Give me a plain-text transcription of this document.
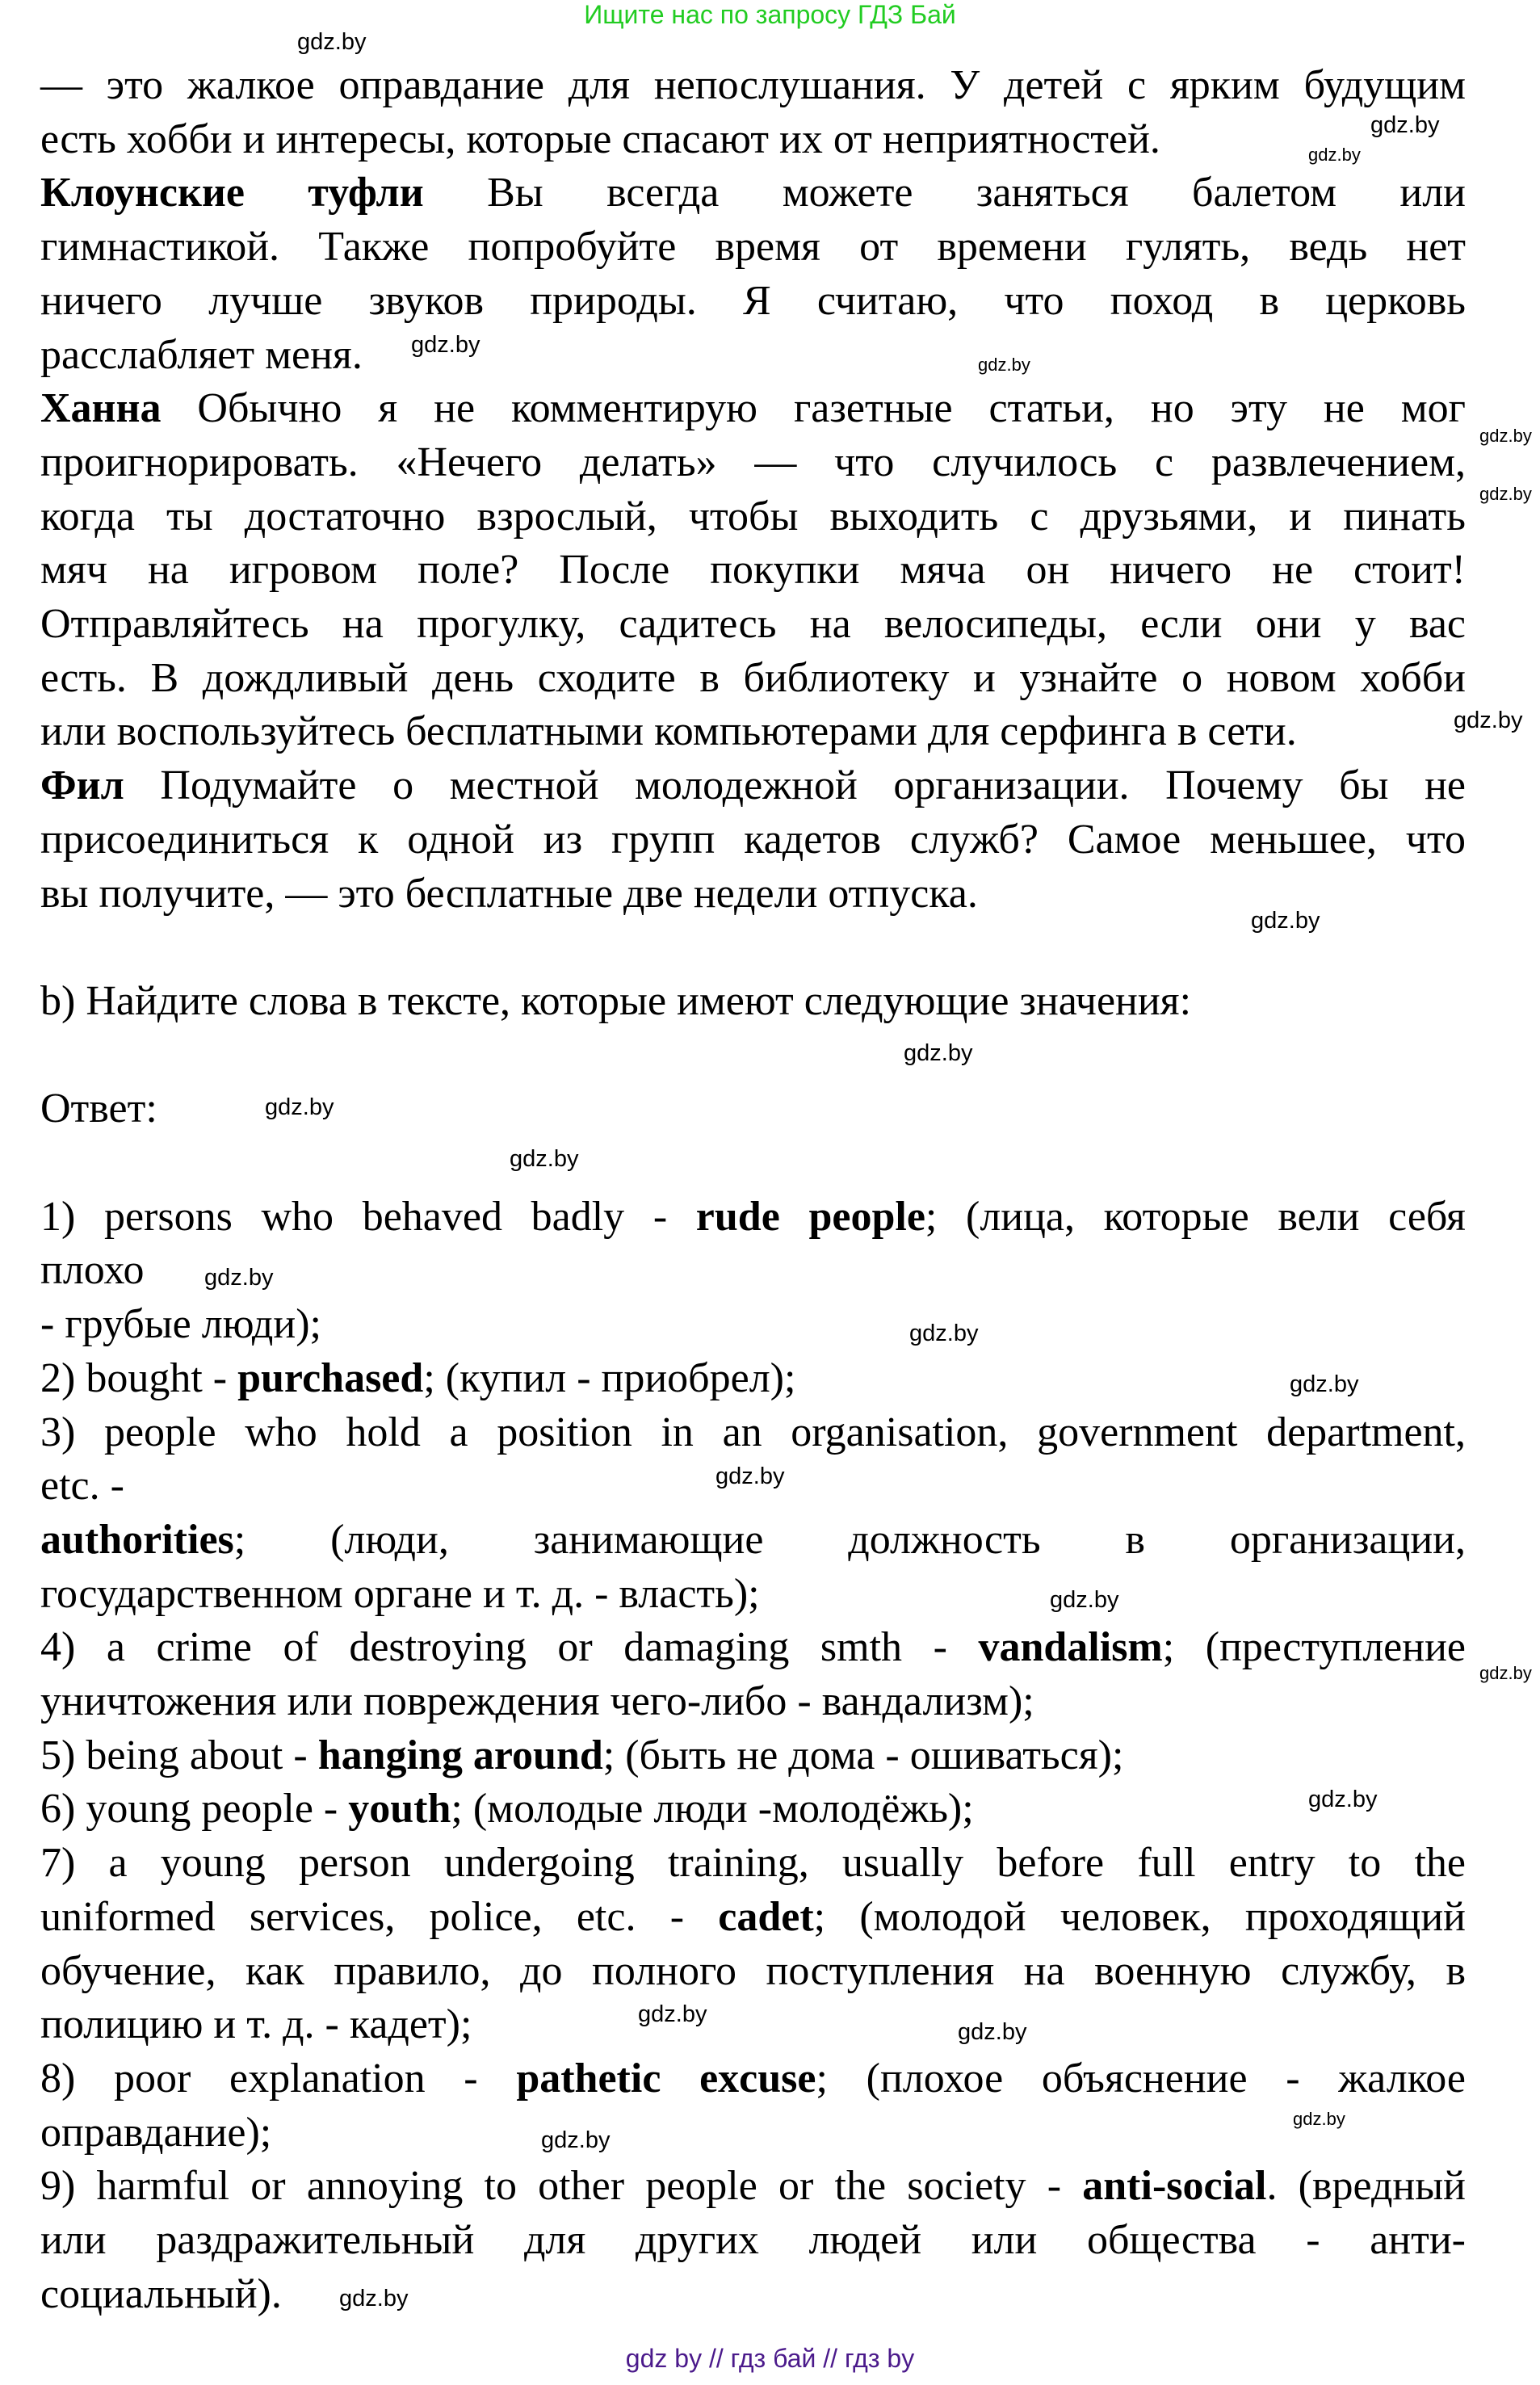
Ищите нас по запросу ГДЗ Бай
— это жалкое оправдание для непослушания. У детей с ярким будущим
есть хобби и интересы, которые спасают их от неприятностей.
Клоунские туфли Вы всегда можете заняться балетом или
гимнастикой. Также попробуйте время от времени гулять, ведь нет
ничего лучше звуков природы. Я считаю, что поход в церковь
расслабляет меня.
Ханна Обычно я не комментирую газетные статьи, но эту не мог
проигнорировать. «Нечего делать» — что случилось с развлечением,
когда ты достаточно взрослый, чтобы выходить с друзьями, и пинать
мяч на игровом поле? После покупки мяча он ничего не стоит!
Отправляйтесь на прогулку, садитесь на велосипеды, если они у вас
есть. В дождливый день сходите в библиотеку и узнайте о новом хобби
или воспользуйтесь бесплатными компьютерами для серфинга в сети.
Фил Подумайте о местной молодежной организации. Почему бы не
присоединиться к одной из групп кадетов служб? Самое меньшее, что
вы получите, — это бесплатные две недели отпуска.
b) Найдите слова в тексте, которые имеют следующие значения:
Ответ:
1) persons who behaved badly - rude people; (лица, которые вели себя
плохо
- грубые люди);
2) bought - purchased; (купил - приобрел);
3) people who hold a position in an organisation, government department,
etc. -
authorities; (люди, занимающие должность в организации,
государственном органе и т. д. - власть);
4) a crime of destroying or damaging smth - vandalism; (преступление
уничтожения или повреждения чего-либо - вандализм);
5) being about - hanging around; (быть не дома - ошиваться);
6) young people - youth; (молодые люди -молодёжь);
7) a young person undergoing training, usually before full entry to the
uniformed services, police, etc. - cadet; (молодой человек, проходящий
обучение, как правило, до полного поступления на военную службу, в
полицию и т. д. - кадет);
8) poor explanation - pathetic excuse; (плохое объяснение - жалкое
оправдание);
9) harmful or annoying to other people or the society - anti-social. (вредный
или раздражительный для других людей или общества - анти-
социальный).
gdz.by
gdz.by
gdz.by
gdz.by
gdz.by
gdz.by
gdz.by
gdz.by
gdz.by
gdz.by
gdz.by
gdz.by
gdz.by
gdz.by
gdz.by
gdz.by
gdz.by
gdz.by
gdz.by
gdz.by
gdz.by
gdz.by
gdz.by
gdz.by
gdz by // гдз бай // гдз by
